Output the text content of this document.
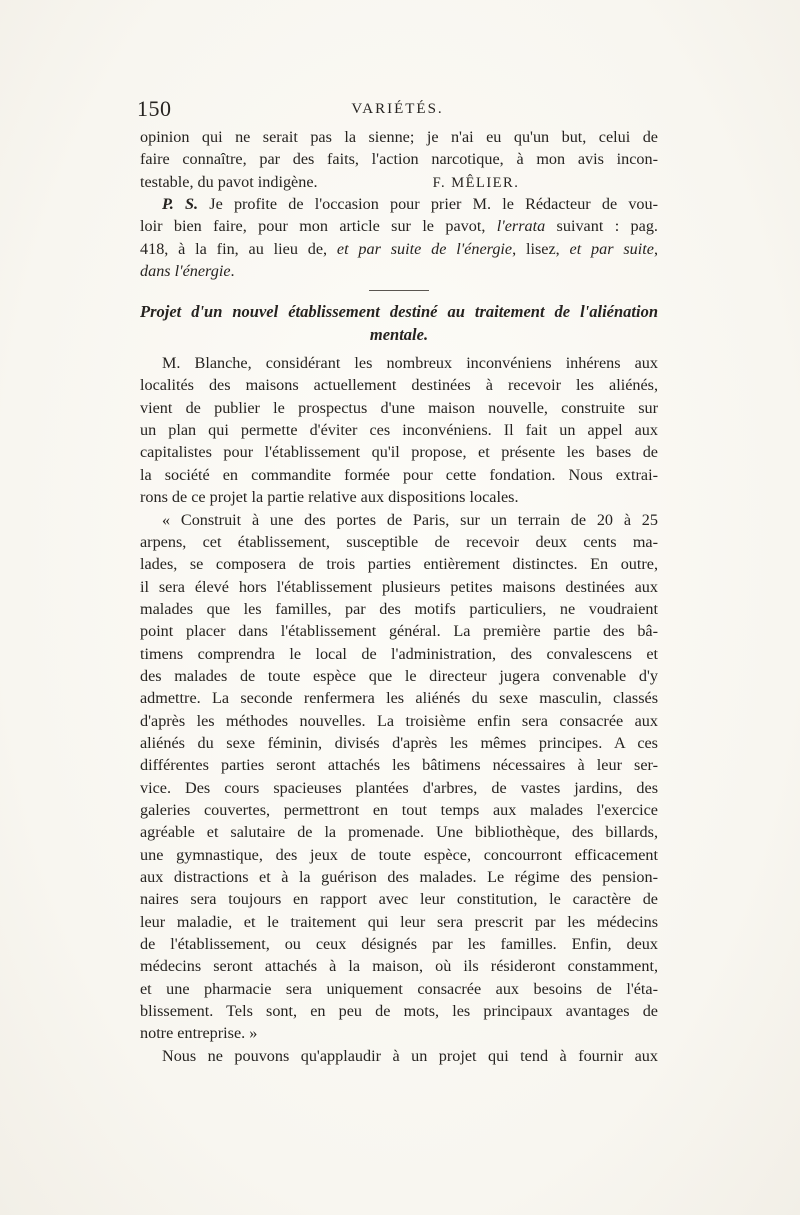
150	VARIÉTÉS.
opinion qui ne serait pas la sienne; je n'ai eu qu'un but, celui de
faire connaître, par des faits, l'action narcotique, à mon avis incon-
testable, du pavot indigène.	F. MÊLIER.
P. S. Je profite de l'occasion pour prier M. le Rédacteur de vou-
loir bien faire, pour mon article sur le pavot, l'errata suivant : pag.
418, à la fin, au lieu de, et par suite de l'énergie, lisez, et par suite,
dans l'énergie.
Projet d'un nouvel établissement destiné au traitement de l'aliénation
mentale.
M. Blanche, considérant les nombreux inconvéniens inhérens aux
localités des maisons actuellement destinées à recevoir les aliénés,
vient de publier le prospectus d'une maison nouvelle, construite sur
un plan qui permette d'éviter ces inconvéniens. Il fait un appel aux
capitalistes pour l'établissement qu'il propose, et présente les bases de
la société en commandite formée pour cette fondation. Nous extrai-
rons de ce projet la partie relative aux dispositions locales.
« Construit à une des portes de Paris, sur un terrain de 20 à 25
arpens, cet établissement, susceptible de recevoir deux cents ma-
lades, se composera de trois parties entièrement distinctes. En outre,
il sera élevé hors l'établissement plusieurs petites maisons destinées aux
malades que les familles, par des motifs particuliers, ne voudraient
point placer dans l'établissement général. La première partie des bâ-
timens comprendra le local de l'administration, des convalescens et
des malades de toute espèce que le directeur jugera convenable d'y
admettre. La seconde renfermera les aliénés du sexe masculin, classés
d'après les méthodes nouvelles. La troisième enfin sera consacrée aux
aliénés du sexe féminin, divisés d'après les mêmes principes. A ces
différentes parties seront attachés les bâtimens nécessaires à leur ser-
vice. Des cours spacieuses plantées d'arbres, de vastes jardins, des
galeries couvertes, permettront en tout temps aux malades l'exercice
agréable et salutaire de la promenade. Une bibliothèque, des billards,
une gymnastique, des jeux de toute espèce, concourront efficacement
aux distractions et à la guérison des malades. Le régime des pension-
naires sera toujours en rapport avec leur constitution, le caractère de
leur maladie, et le traitement qui leur sera prescrit par les médecins
de l'établissement, ou ceux désignés par les familles. Enfin, deux
médecins seront attachés à la maison, où ils résideront constamment,
et une pharmacie sera uniquement consacrée aux besoins de l'éta-
blissement. Tels sont, en peu de mots, les principaux avantages de
notre entreprise. »
Nous ne pouvons qu'applaudir à un projet qui tend à fournir aux
